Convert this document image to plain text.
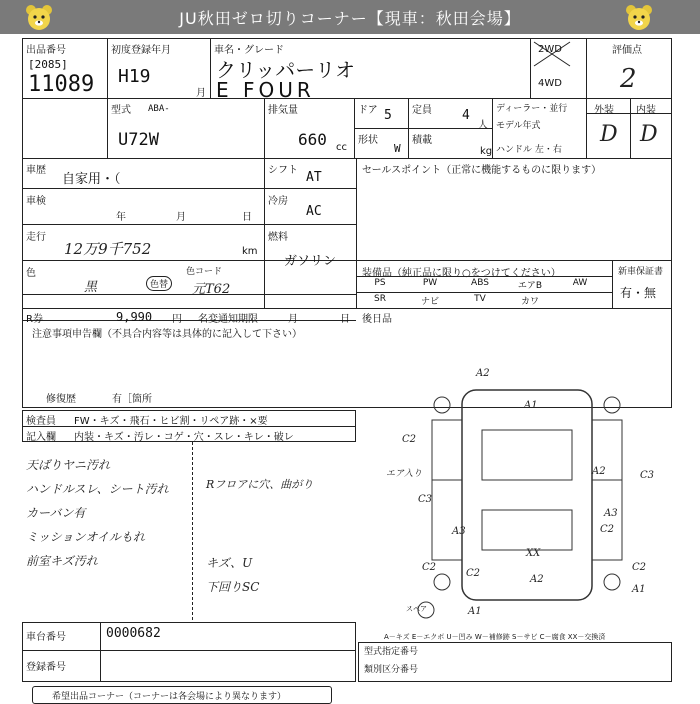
JU秋田ゼロ切りコーナー【現車：秋田会場】
出品番号
[2085]
11089
初度登録年月
H19
月
車名・グレード
クリッパーリオ
E FOUR
2WD
4WD
評価点
2
型式 ABA-
U72W
排気量
660 cc
ドア 5 定員 4
人
形状
W
積載
kg
ディーラー・並行
モデル年式
ハンドル 左・右
外装 内装
D D
車歴
自家用・（
シフト AT	セールスポイント（正常に機能するものに限ります）
車検
年	月	日
冷房
AC
走行
12万9千752	km
燃料
ガソリン
色
黒	色替
色コード
元T62
装備品（純正品に限り○をつけてください）	新車保証書
有・無
PS	PW	ABS	エアB	AW
SR	ナビ	TV	カワ
R券	9,990 円 名変通知期限	月	日 後日品
注意事項申告欄（不具合内容等は具体的に記入して下さい）
修復歴	有［箇所
検査員
記入欄
FW・キズ・飛石・ヒビ割・リペア跡・×要
内装・キズ・汚レ・コゲ・穴・スレ・キレ・破レ
天ばりヤニ汚れ
ハンドルスレ、シート汚れ
カーバン有
ミッションオイルもれ
前室キズ汚れ
Rフロアに穴、曲がり
キズ、U
下回りSC
A2
A1
C2
A2	C3
エア入り
C3
A3
A3
C2
C2
C2
XX
A2
A1
C2
A1
スペア
A－キズ E－エクボ U－凹み W－補修跡 S－サビ C－腐食 XX－交換済
車台番号	0000682
登録番号
型式指定番号
類別区分番号
希望出品コーナー（コーナーは各会場により異なります）
